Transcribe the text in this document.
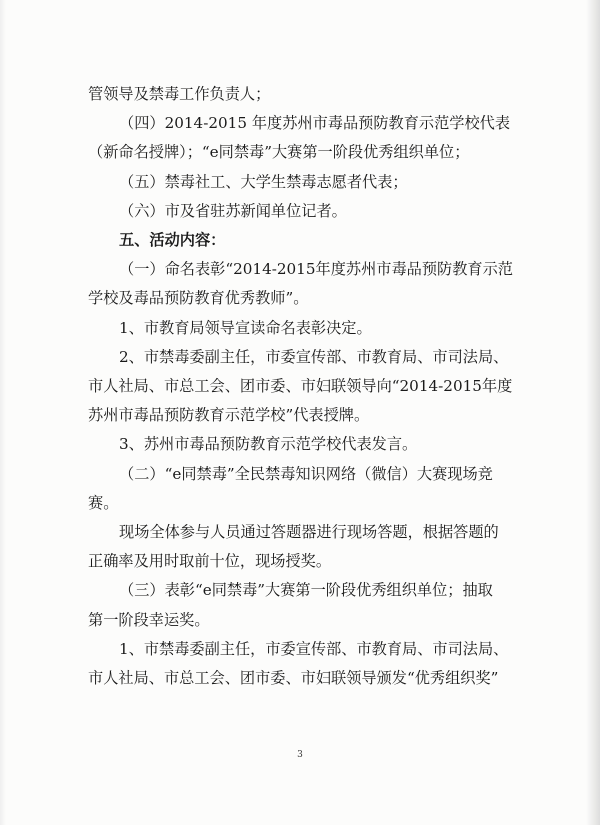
管领导及禁毒工作负责人；

（四）2014-2015 年度苏州市毒品预防教育示范学校代表

（新命名授牌）；“e同禁毒”大赛第一阶段优秀组织单位；

（五）禁毒社工、大学生禁毒志愿者代表；

（六）市及省驻苏新闻单位记者。

五、活动内容：

（一）命名表彰“2014-2015年度苏州市毒品预防教育示范

学校及毒品预防教育优秀教师”。

1、市教育局领导宣读命名表彰决定。

2、市禁毒委副主任，市委宣传部、市教育局、市司法局、

市人社局、市总工会、团市委、市妇联领导向“2014-2015年度

苏州市毒品预防教育示范学校”代表授牌。

3、苏州市毒品预防教育示范学校代表发言。

（二）“e同禁毒”全民禁毒知识网络（微信）大赛现场竞

赛。

现场全体参与人员通过答题器进行现场答题，根据答题的

正确率及用时取前十位，现场授奖。

（三）表彰“e同禁毒”大赛第一阶段优秀组织单位；抽取

第一阶段幸运奖。

1、市禁毒委副主任，市委宣传部、市教育局、市司法局、

市人社局、市总工会、团市委、市妇联领导颁发“优秀组织奖”

3
